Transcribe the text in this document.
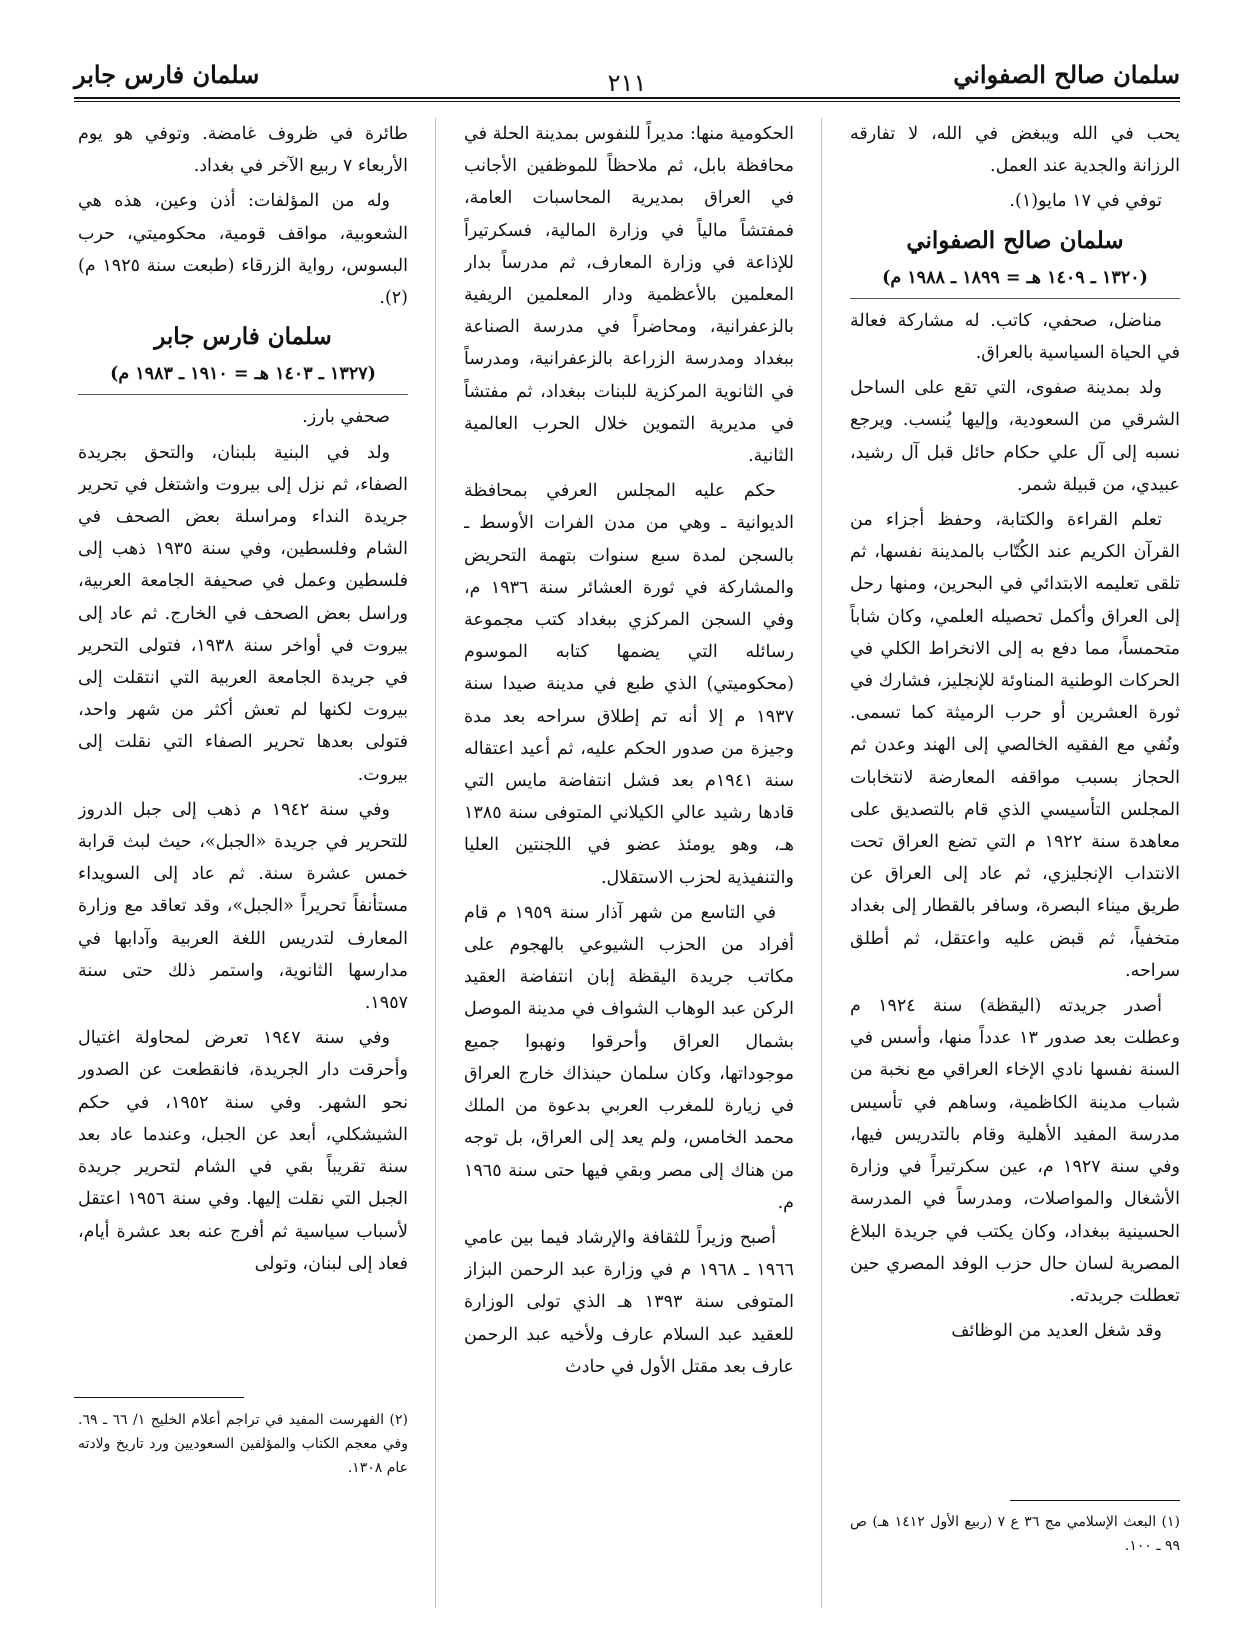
سلمان صالح الصفواني
٢١١
سلمان فارس جابر

يحب في الله ويبغض في الله، لا تفارقه الرزانة والجدية عند العمل.

توفي في ١٧ مايو(١).

سلمان صالح الصفواني
(١٣٢٠ ـ ١٤٠٩ هـ = ١٨٩٩ ـ ١٩٨٨ م)

مناضل، صحفي، كاتب. له مشاركة فعالة في الحياة السياسية بالعراق.

ولد بمدينة صفوى، التي تقع على الساحل الشرقي من السعودية، وإليها يُنسب. ويرجع نسبه إلى آل علي حكام حائل قبل آل رشيد، عبيدي، من قبيلة شمر.

تعلم القراءة والكتابة، وحفظ أجزاء من القرآن الكريم عند الكُتّاب بالمدينة نفسها، ثم تلقى تعليمه الابتدائي في البحرين، ومنها رحل إلى العراق وأكمل تحصيله العلمي، وكان شاباً متحمساً، مما دفع به إلى الانخراط الكلي في الحركات الوطنية المناوئة للإنجليز، فشارك في ثورة العشرين أو حرب الرميثة كما تسمى. ونُفي مع الفقيه الخالصي إلى الهند وعدن ثم الحجاز بسبب مواقفه المعارضة لانتخابات المجلس التأسيسي الذي قام بالتصديق على معاهدة سنة ١٩٢٢ م التي تضع العراق تحت الانتداب الإنجليزي، ثم عاد إلى العراق عن طريق ميناء البصرة، وسافر بالقطار إلى بغداد متخفياً، ثم قبض عليه واعتقل، ثم أطلق سراحه.

أصدر جريدته (اليقظة) سنة ١٩٢٤ م وعطلت بعد صدور ١٣ عدداً منها، وأسس في السنة نفسها نادي الإخاء العراقي مع نخبة من شباب مدينة الكاظمية، وساهم في تأسيس مدرسة المفيد الأهلية وقام بالتدريس فيها، وفي سنة ١٩٢٧ م، عين سكرتيراً في وزارة الأشغال والمواصلات، ومدرساً في المدرسة الحسينية ببغداد، وكان يكتب في جريدة البلاغ المصرية لسان حال حزب الوفد المصري حين تعطلت جريدته.

وقد شغل العديد من الوظائف

الحكومية منها: مديراً للنفوس بمدينة الحلة في محافظة بابل، ثم ملاحظاً للموظفين الأجانب في العراق بمديرية المحاسبات العامة، فمفتشاً مالياً في وزارة المالية، فسكرتيراً للإذاعة في وزارة المعارف، ثم مدرساً بدار المعلمين بالأعظمية ودار المعلمين الريفية بالزعفرانية، ومحاضراً في مدرسة الصناعة ببغداد ومدرسة الزراعة بالزعفرانية، ومدرساً في الثانوية المركزية للبنات ببغداد، ثم مفتشاً في مديرية التموين خلال الحرب العالمية الثانية.

حكم عليه المجلس العرفي بمحافظة الديوانية ـ وهي من مدن الفرات الأوسط ـ بالسجن لمدة سبع سنوات بتهمة التحريض والمشاركة في ثورة العشائر سنة ١٩٣٦ م، وفي السجن المركزي ببغداد كتب مجموعة رسائله التي يضمها كتابه الموسوم (محكوميتي) الذي طبع في مدينة صيدا سنة ١٩٣٧ م إلا أنه تم إطلاق سراحه بعد مدة وجيزة من صدور الحكم عليه، ثم أعيد اعتقاله سنة ١٩٤١م بعد فشل انتفاضة مايس التي قادها رشيد عالي الكيلاني المتوفى سنة ١٣٨٥ هـ، وهو يومئذ عضو في اللجنتين العليا والتنفيذية لحزب الاستقلال.

في التاسع من شهر آذار سنة ١٩٥٩ م قام أفراد من الحزب الشيوعي بالهجوم على مكاتب جريدة اليقظة إبان انتفاضة العقيد الركن عبد الوهاب الشواف في مدينة الموصل بشمال العراق وأحرقوا ونهبوا جميع موجوداتها، وكان سلمان حينذاك خارج العراق في زيارة للمغرب العربي بدعوة من الملك محمد الخامس، ولم يعد إلى العراق، بل توجه من هناك إلى مصر وبقي فيها حتى سنة ١٩٦٥ م.

أصبح وزيراً للثقافة والإرشاد فيما بين عامي ١٩٦٦ ـ ١٩٦٨ م في وزارة عبد الرحمن البزاز المتوفى سنة ١٣٩٣ هـ الذي تولى الوزارة للعقيد عبد السلام عارف ولأخيه عبد الرحمن عارف بعد مقتل الأول في حادث

طائرة في ظروف غامضة. وتوفي هو يوم الأربعاء ٧ ربيع الآخر في بغداد.

وله من المؤلفات: أذن وعين، هذه هي الشعوبية، مواقف قومية، محكوميتي، حرب البسوس، رواية الزرقاء (طبعت سنة ١٩٢٥ م)(٢).

سلمان فارس جابر
(١٣٢٧ ـ ١٤٠٣ هـ = ١٩١٠ ـ ١٩٨٣ م)

صحفي بارز.

ولد في البنية بلبنان، والتحق بجريدة الصفاء، ثم نزل إلى بيروت واشتغل في تحرير جريدة النداء ومراسلة بعض الصحف في الشام وفلسطين، وفي سنة ١٩٣٥ ذهب إلى فلسطين وعمل في صحيفة الجامعة العربية، وراسل بعض الصحف في الخارج. ثم عاد إلى بيروت في أواخر سنة ١٩٣٨، فتولى التحرير في جريدة الجامعة العربية التي انتقلت إلى بيروت لكنها لم تعش أكثر من شهر واحد، فتولى بعدها تحرير الصفاء التي نقلت إلى بيروت.

وفي سنة ١٩٤٢ م ذهب إلى جبل الدروز للتحرير في جريدة «الجبل»، حيث لبث قرابة خمس عشرة سنة. ثم عاد إلى السويداء مستأنفاً تحريراً «الجبل»، وقد تعاقد مع وزارة المعارف لتدريس اللغة العربية وآدابها في مدارسها الثانوية، واستمر ذلك حتى سنة ١٩٥٧.

وفي سنة ١٩٤٧ تعرض لمحاولة اغتيال وأحرقت دار الجريدة، فانقطعت عن الصدور نحو الشهر. وفي سنة ١٩٥٢، في حكم الشيشكلي، أبعد عن الجبل، وعندما عاد بعد سنة تقريباً بقي في الشام لتحرير جريدة الجبل التي نقلت إليها. وفي سنة ١٩٥٦ اعتقل لأسباب سياسية ثم أفرج عنه بعد عشرة أيام، فعاد إلى لبنان، وتولى

(١) البعث الإسلامي مج ٣٦ ع ٧ (ربيع الأول ١٤١٢ هـ) ص ٩٩ ـ ١٠٠.
(٢) الفهرست المفيد في تراجم أعلام الخليج ١/ ٦٦ ـ ٦٩. وفي معجم الكتاب والمؤلفين السعوديين ورد تاريخ ولادته عام ١٣٠٨.
